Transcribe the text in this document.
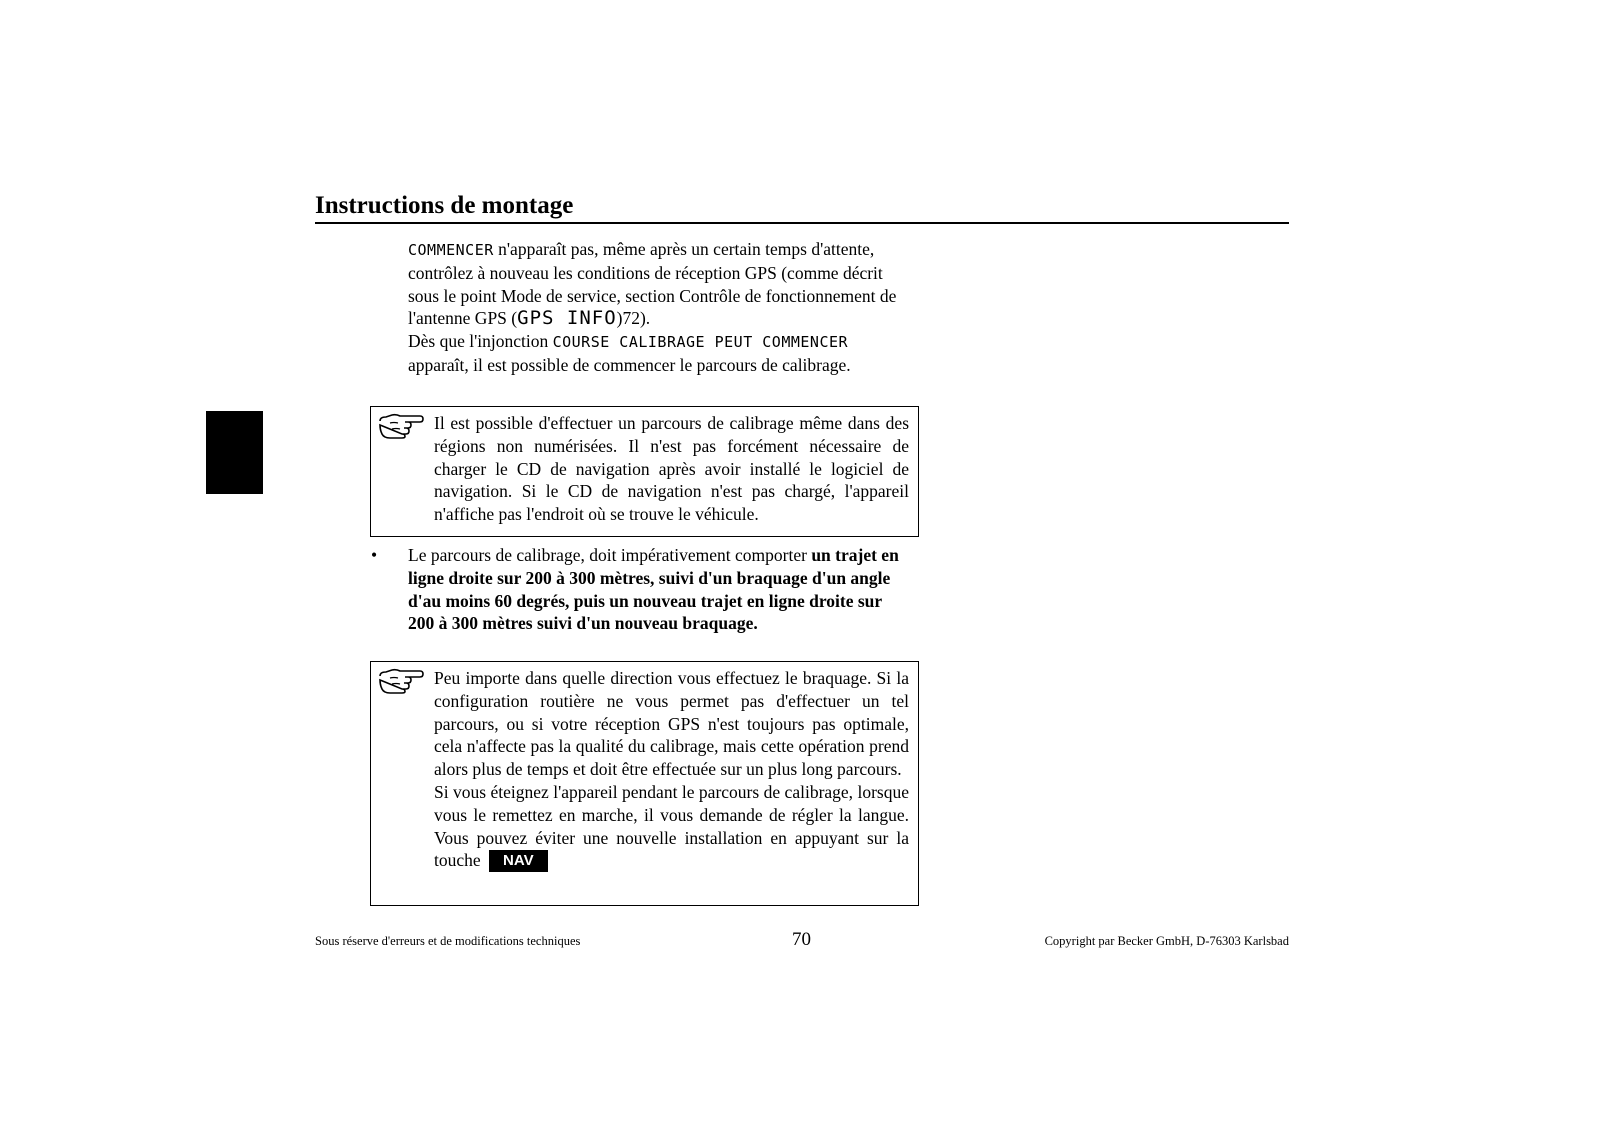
Instructions de montage
COMMENCER n'apparaît pas, même après un certain temps d'attente, contrôlez à nouveau les conditions de réception GPS (comme décrit sous le point Mode de service, section Contrôle de fonctionnement de l'antenne GPS (GPS INFO)72).
Dès que l'injonction COURSE CALIBRAGE PEUT COMMENCER apparaît, il est possible de commencer le parcours de calibrage.
Il est possible d'effectuer un parcours de calibrage même dans des régions non numérisées. Il n'est pas forcément nécessaire de charger le CD de navigation après avoir installé le logiciel de navigation. Si le CD de navigation n'est pas chargé, l'appareil n'affiche pas l'endroit où se trouve le véhicule.
• Le parcours de calibrage, doit impérativement comporter un trajet en ligne droite sur 200 à 300 mètres, suivi d'un braquage d'un angle d'au moins 60 degrés, puis un nouveau trajet en ligne droite sur 200 à 300 mètres suivi d'un nouveau braquage.
Peu importe dans quelle direction vous effectuez le braquage. Si la configuration routière ne vous permet pas d'effectuer un tel parcours, ou si votre réception GPS n'est toujours pas optimale, cela n'affecte pas la qualité du calibrage, mais cette opération prend alors plus de temps et doit être effectuée sur un plus long parcours.
Si vous éteignez l'appareil pendant le parcours de calibrage, lorsque vous le remettez en marche, il vous demande de régler la langue. Vous pouvez éviter une nouvelle installation en appuyant sur la touche NAV
Sous réserve d'erreurs et de modifications techniques	70	Copyright par Becker GmbH, D-76303 Karlsbad
